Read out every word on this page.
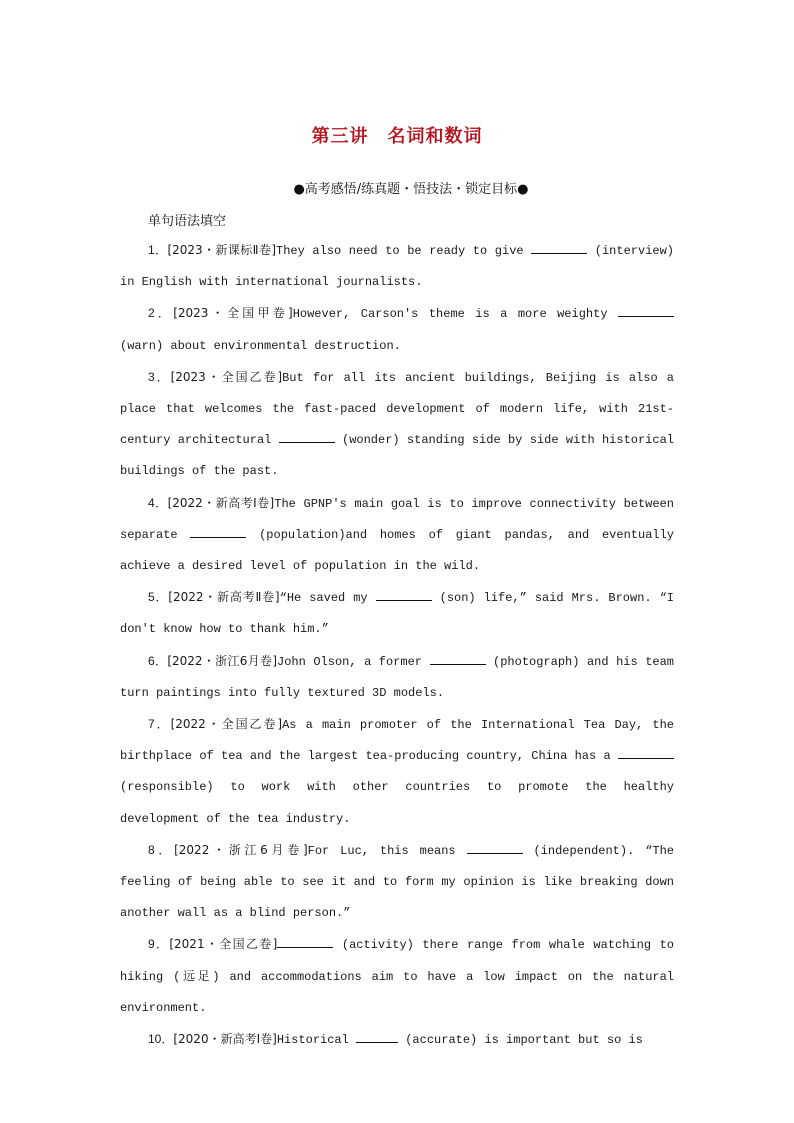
第三讲　名词和数词
●高考感悟/练真题・悟技法・锁定目标●
单句语法填空

1．[2023・新课标Ⅱ卷]They also need to be ready to give	(interview) in English with international journalists.

2．[2023・全国甲卷]However, Carson's theme is a more weighty  (warn) about environmental destruction.

3．[2023・全国乙卷]But for all its ancient buildings, Beijing is also a place that welcomes the fast-paced development of modern life, with 21st-century architectural	(wonder) standing side by side with historical buildings of the past.

4．[2022・新高考Ⅰ卷]The GPNP's main goal is to improve connectivity between separate	(population)and homes of giant pandas, and eventually achieve a desired level of population in the wild.

5．[2022・新高考Ⅱ卷]“He saved my	(son) life,” said Mrs. Brown. “I don't know how to thank him.”

6．[2022・浙江6月卷]John Olson, a former	(photograph) and his team turn paintings into fully textured 3D models.

7．[2022・全国乙卷]As a main promoter of the International Tea Day, the birthplace of tea and the largest tea-producing country, China has a  (responsible) to work with other countries to promote the healthy development of the tea industry.

8．[2022・浙江6月卷]For Luc, this means	(independent). “The feeling of being able to see it and to form my opinion is like breaking down another wall as a blind person.”

9．[2021・全国乙卷]	(activity) there range from whale watching to hiking (远足) and accommodations aim to have a low impact on the natural environment.

10．[2020・新高考Ⅰ卷]Historical	(accurate) is important but so is
